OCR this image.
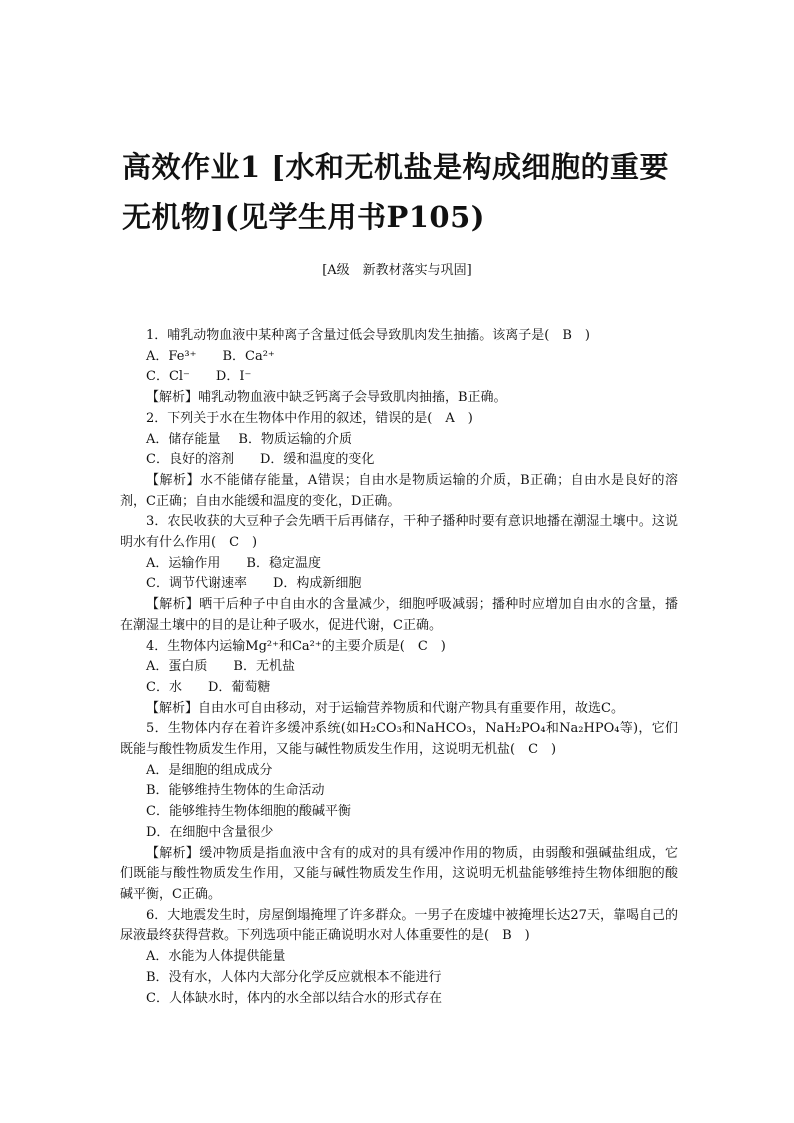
高效作业1 [水和无机盐是构成细胞的重要无机物](见学生用书P105)
[A级　新教材落实与巩固]
1．哺乳动物血液中某种离子含量过低会导致肌肉发生抽搐。该离子是(　B　)
A．Fe³⁺ B．Ca²⁺
C．Cl⁻ D．I⁻
【解析】哺乳动物血液中缺乏钙离子会导致肌肉抽搐，B正确。
2．下列关于水在生物体中作用的叙述，错误的是(　A　)
A．储存能量 B．物质运输的介质
C．良好的溶剂 D．缓和温度的变化
【解析】水不能储存能量，A错误；自由水是物质运输的介质，B正确；自由水是良好的溶剂，C正确；自由水能缓和温度的变化，D正确。
3．农民收获的大豆种子会先晒干后再储存，干种子播种时要有意识地播在潮湿土壤中。这说明水有什么作用(　C　)
A．运输作用 B．稳定温度
C．调节代谢速率 D．构成新细胞
【解析】晒干后种子中自由水的含量减少，细胞呼吸减弱；播种时应增加自由水的含量，播在潮湿土壤中的目的是让种子吸水，促进代谢，C正确。
4．生物体内运输Mg²⁺和Ca²⁺的主要介质是(　C　)
A．蛋白质 B．无机盐
C．水 D．葡萄糖
【解析】自由水可自由移动，对于运输营养物质和代谢产物具有重要作用，故选C。
5．生物体内存在着许多缓冲系统(如H₂CO₃和NaHCO₃，NaH₂PO₄和Na₂HPO₄等)，它们既能与酸性物质发生作用，又能与碱性物质发生作用，这说明无机盐(　C　)
A．是细胞的组成成分
B．能够维持生物体的生命活动
C．能够维持生物体细胞的酸碱平衡
D．在细胞中含量很少
【解析】缓冲物质是指血液中含有的成对的具有缓冲作用的物质，由弱酸和强碱盐组成，它们既能与酸性物质发生作用，又能与碱性物质发生作用，这说明无机盐能够维持生物体细胞的酸碱平衡，C正确。
6．大地震发生时，房屋倒塌掩埋了许多群众。一男子在废墟中被掩埋长达27天，靠喝自己的尿液最终获得营救。下列选项中能正确说明水对人体重要性的是(　B　)
A．水能为人体提供能量
B．没有水，人体内大部分化学反应就根本不能进行
C．人体缺水时，体内的水全部以结合水的形式存在
